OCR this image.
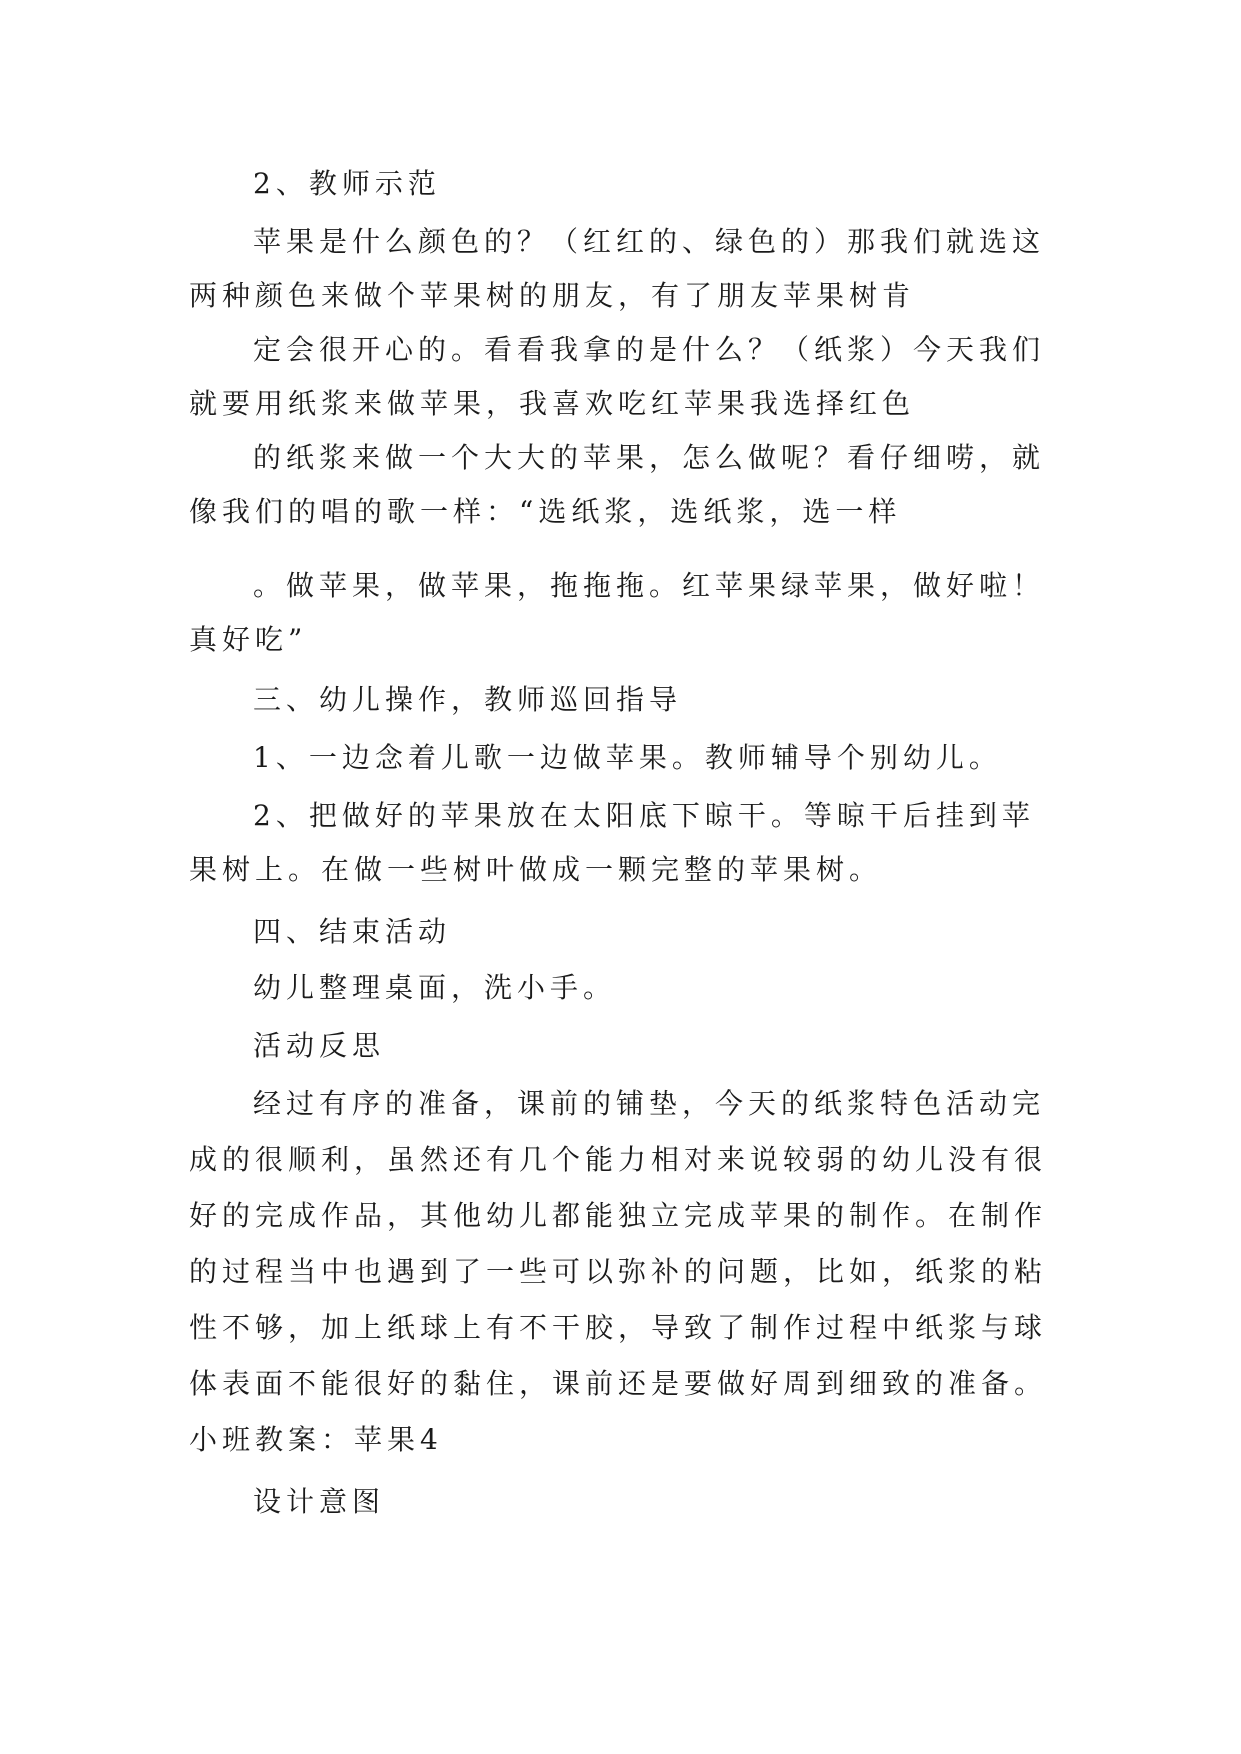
2、教师示范
苹果是什么颜色的？（红红的、绿色的）那我们就选这
两种颜色来做个苹果树的朋友，有了朋友苹果树肯
定会很开心的。看看我拿的是什么？（纸浆）今天我们
就要用纸浆来做苹果，我喜欢吃红苹果我选择红色
的纸浆来做一个大大的苹果，怎么做呢？看仔细唠，就
像我们的唱的歌一样：“选纸浆，选纸浆，选一样
。做苹果，做苹果，拖拖拖。红苹果绿苹果，做好啦！
真好吃”
三、幼儿操作，教师巡回指导
1、一边念着儿歌一边做苹果。教师辅导个别幼儿。
2、把做好的苹果放在太阳底下晾干。等晾干后挂到苹
果树上。在做一些树叶做成一颗完整的苹果树。
四、结束活动
幼儿整理桌面，洗小手。
活动反思
经过有序的准备，课前的铺垫，今天的纸浆特色活动完
成的很顺利，虽然还有几个能力相对来说较弱的幼儿没有很
好的完成作品，其他幼儿都能独立完成苹果的制作。在制作
的过程当中也遇到了一些可以弥补的问题，比如，纸浆的粘
性不够，加上纸球上有不干胶，导致了制作过程中纸浆与球
体表面不能很好的黏住，课前还是要做好周到细致的准备。
小班教案：苹果4
设计意图
